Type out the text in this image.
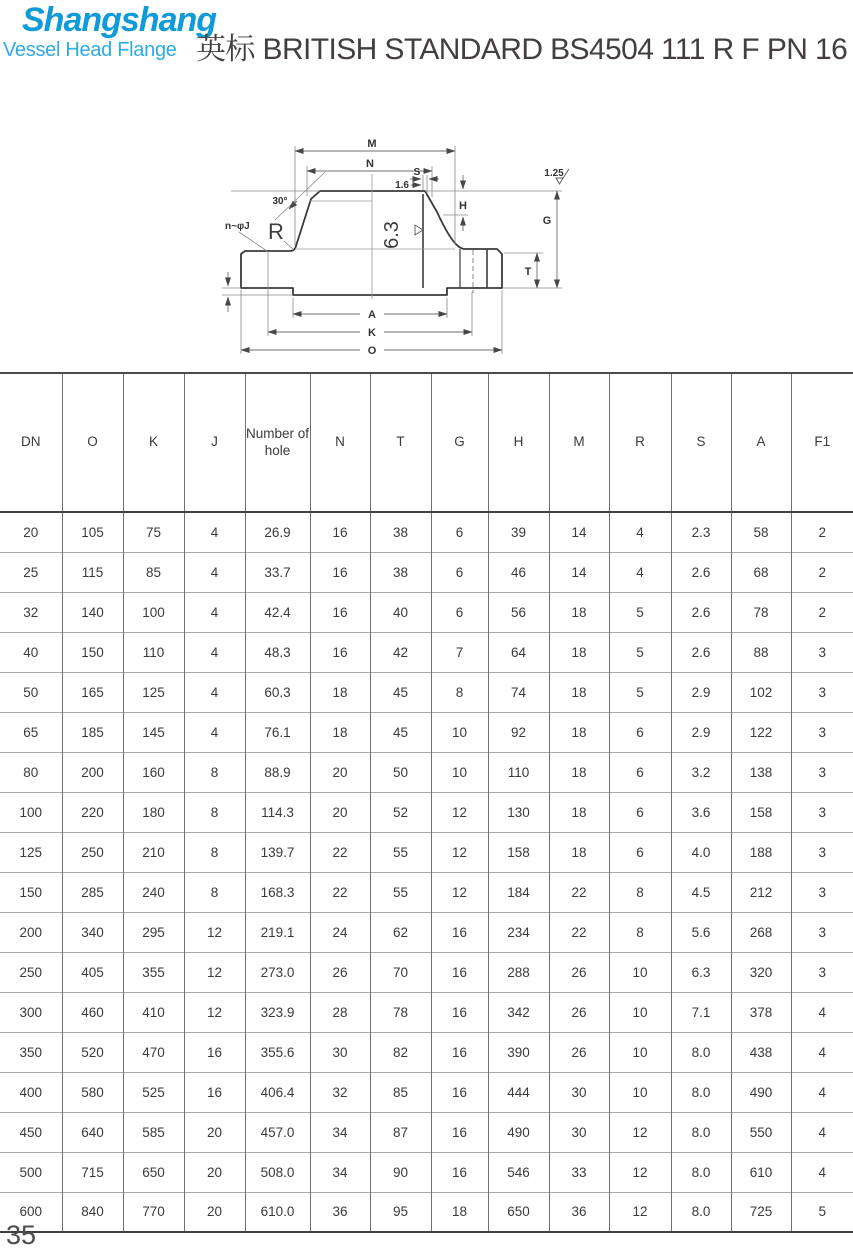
Shangshang
Vessel Head Flange 英标 BRITISH STANDARD BS4504 111 R F PN 16
M
N
S
1.6
H
G
T
A
K
O
30°
n~φJ R	6.3
1.25
DN	O	K	J	Number of hole	N	T	G	H	M	R	S	A	F1
20	105	75	4	26.9	16	38	6	39	14	4	2.3	58	2
25	115	85	4	33.7	16	38	6	46	14	4	2.6	68	2
32	140	100	4	42.4	16	40	6	56	18	5	2.6	78	2
40	150	110	4	48.3	16	42	7	64	18	5	2.6	88	3
50	165	125	4	60.3	18	45	8	74	18	5	2.9	102	3
65	185	145	4	76.1	18	45	10	92	18	6	2.9	122	3
80	200	160	8	88.9	20	50	10	110	18	6	3.2	138	3
100	220	180	8	114.3	20	52	12	130	18	6	3.6	158	3
125	250	210	8	139.7	22	55	12	158	18	6	4.0	188	3
150	285	240	8	168.3	22	55	12	184	22	8	4.5	212	3
200	340	295	12	219.1	24	62	16	234	22	8	5.6	268	3
250	405	355	12	273.0	26	70	16	288	26	10	6.3	320	3
300	460	410	12	323.9	28	78	16	342	26	10	7.1	378	4
350	520	470	16	355.6	30	82	16	390	26	10	8.0	438	4
400	580	525	16	406.4	32	85	16	444	30	10	8.0	490	4
450	640	585	20	457.0	34	87	16	490	30	12	8.0	550	4
500	715	650	20	508.0	34	90	16	546	33	12	8.0	610	4
600	840	770	20	610.0	36	95	18	650	36	12	8.0	725	5
35
